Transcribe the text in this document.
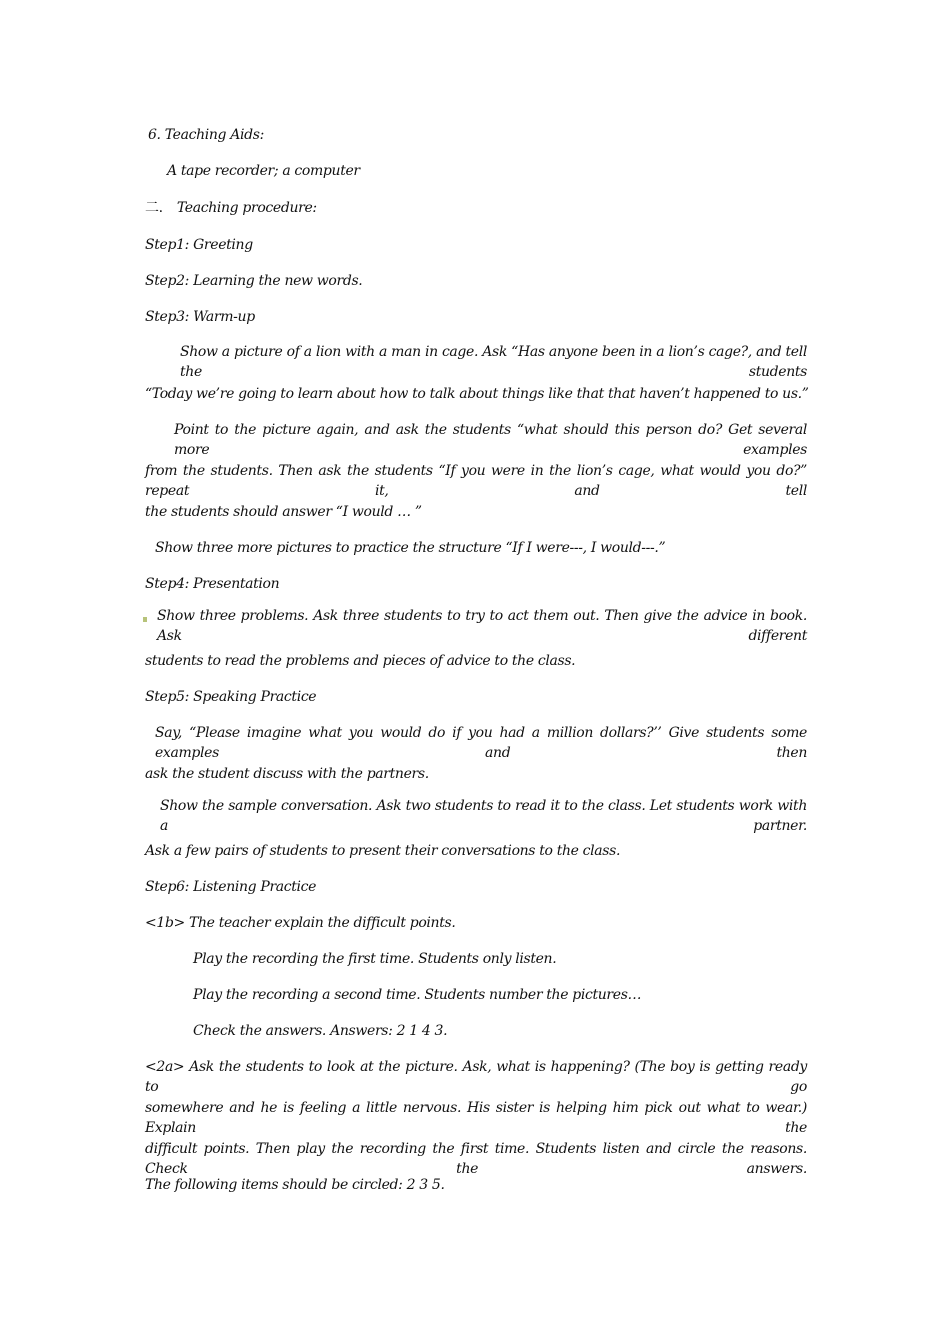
6. Teaching Aids:
A tape recorder; a computer
二. Teaching procedure:
Step1: Greeting
Step2: Learning the new words.
Step3: Warm-up
Show a picture of a lion with a man in cage. Ask “Has anyone been in a lion’s cage?, and tell the students
“Today we’re going to learn about how to talk about things like that that haven’t happened to us.”
Point to the picture again, and ask the students “what should this person do? Get several more examples
from the students. Then ask the students “If you were in the lion’s cage, what would you do?” repeat it, and tell
the students should answer “I would … ”
Show three more pictures to practice the structure “If I were---, I would---.”
Step4: Presentation
Show three problems. Ask three students to try to act them out. Then give the advice in book. Ask different
students to read the problems and pieces of advice to the class.
Step5: Speaking Practice
Say, “Please imagine what you would do if you had a million dollars?’’ Give students some examples and then
ask the student discuss with the partners.
Show the sample conversation. Ask two students to read it to the class. Let students work with a partner.
Ask a few pairs of students to present their conversations to the class.
Step6: Listening Practice
<1b> The teacher explain the difficult points.
Play the recording the first time. Students only listen.
Play the recording a second time. Students number the pictures…
Check the answers. Answers: 2 1 4 3.
<2a> Ask the students to look at the picture. Ask, what is happening? (The boy is getting ready to go
somewhere and he is feeling a little nervous. His sister is helping him pick out what to wear.) Explain the
difficult points. Then play the recording the first time. Students listen and circle the reasons. Check the answers.
The following items should be circled: 2 3 5.
